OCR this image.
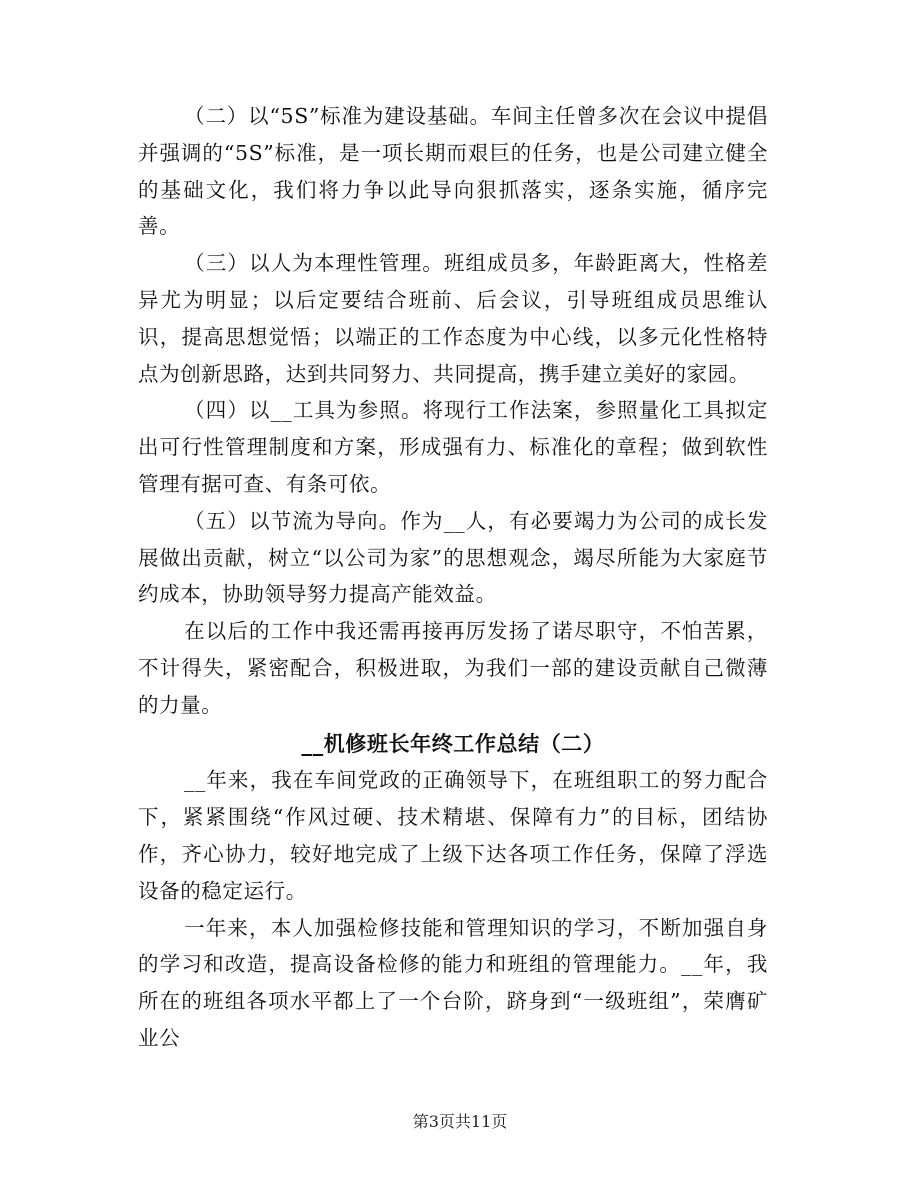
（二）以“5S”标准为建设基础。车间主任曾多次在会议中提倡并强调的“5S”标准，是一项长期而艰巨的任务，也是公司建立健全的基础文化，我们将力争以此导向狠抓落实，逐条实施，循序完善。

（三）以人为本理性管理。班组成员多，年龄距离大，性格差异尤为明显；以后定要结合班前、后会议，引导班组成员思维认识，提高思想觉悟；以端正的工作态度为中心线，以多元化性格特点为创新思路，达到共同努力、共同提高，携手建立美好的家园。

（四）以__工具为参照。将现行工作法案，参照量化工具拟定出可行性管理制度和方案，形成强有力、标准化的章程；做到软性管理有据可查、有条可依。

（五）以节流为导向。作为__人，有必要竭力为公司的成长发展做出贡献，树立“以公司为家”的思想观念，竭尽所能为大家庭节约成本，协助领导努力提高产能效益。

在以后的工作中我还需再接再厉发扬了诺尽职守，不怕苦累，不计得失，紧密配合，积极进取，为我们一部的建设贡献自己微薄的力量。

__机修班长年终工作总结（二）

__年来，我在车间党政的正确领导下，在班组职工的努力配合下，紧紧围绕“作风过硬、技术精堪、保障有力”的目标，团结协作，齐心协力，较好地完成了上级下达各项工作任务，保障了浮选设备的稳定运行。

一年来，本人加强检修技能和管理知识的学习，不断加强自身的学习和改造，提高设备检修的能力和班组的管理能力。__年，我所在的班组各项水平都上了一个台阶，跻身到“一级班组”，荣膺矿业公

第3页共11页
